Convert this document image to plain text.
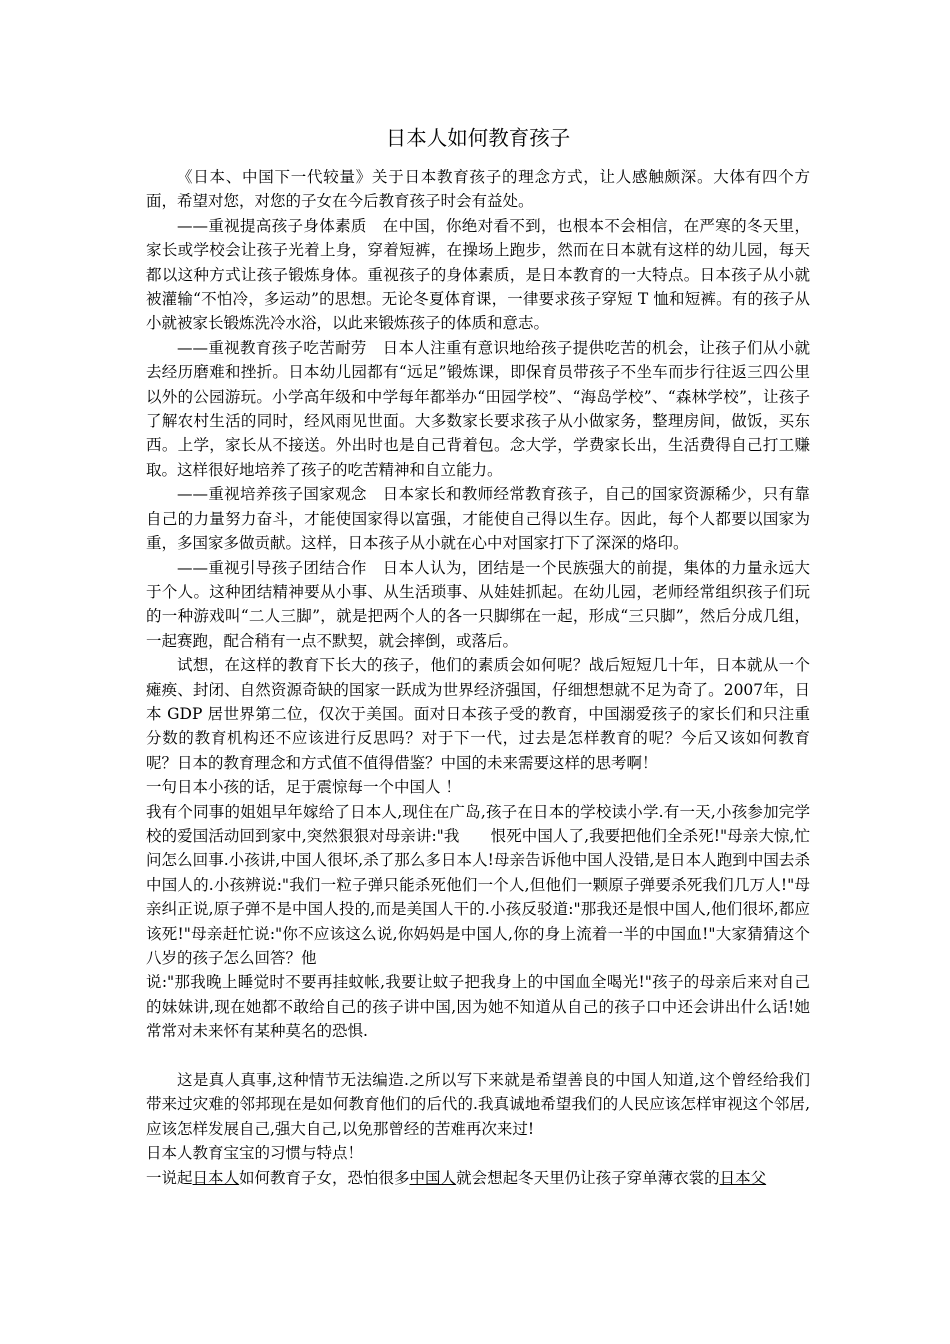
日本人如何教育孩子

《日本、中国下一代较量》关于日本教育孩子的理念方式，让人感触颇深。大体有四个方面，希望对您，对您的子女在今后教育孩子时会有益处。

——重视提高孩子身体素质　在中国，你绝对看不到，也根本不会相信，在严寒的冬天里，家长或学校会让孩子光着上身，穿着短裤，在操场上跑步，然而在日本就有这样的幼儿园，每天都以这种方式让孩子锻炼身体。重视孩子的身体素质，是日本教育的一大特点。日本孩子从小就被灌输“不怕冷，多运动”的思想。无论冬夏体育课，一律要求孩子穿短 T 恤和短裤。有的孩子从小就被家长锻炼洗冷水浴，以此来锻炼孩子的体质和意志。

——重视教育孩子吃苦耐劳　日本人注重有意识地给孩子提供吃苦的机会，让孩子们从小就去经历磨难和挫折。日本幼儿园都有“远足”锻炼课，即保育员带孩子不坐车而步行往返三四公里以外的公园游玩。小学高年级和中学每年都举办“田园学校”、“海岛学校”、“森林学校”，让孩子了解农村生活的同时，经风雨见世面。大多数家长要求孩子从小做家务，整理房间，做饭，买东西。上学，家长从不接送。外出时也是自己背着包。念大学，学费家长出，生活费得自己打工赚取。这样很好地培养了孩子的吃苦精神和自立能力。

——重视培养孩子国家观念　日本家长和教师经常教育孩子，自己的国家资源稀少，只有靠自己的力量努力奋斗，才能使国家得以富强，才能使自己得以生存。因此，每个人都要以国家为重，多国家多做贡献。这样，日本孩子从小就在心中对国家打下了深深的烙印。

——重视引导孩子团结合作　日本人认为，团结是一个民族强大的前提，集体的力量永远大于个人。这种团结精神要从小事、从生活琐事、从娃娃抓起。在幼儿园，老师经常组织孩子们玩的一种游戏叫“二人三脚”，就是把两个人的各一只脚绑在一起，形成“三只脚”，然后分成几组，一起赛跑，配合稍有一点不默契，就会摔倒，或落后。

试想，在这样的教育下长大的孩子，他们的素质会如何呢？战后短短几十年，日本就从一个瘫痪、封闭、自然资源奇缺的国家一跃成为世界经济强国，仔细想想就不足为奇了。2007年，日本 GDP 居世界第二位，仅次于美国。面对日本孩子受的教育，中国溺爱孩子的家长们和只注重分数的教育机构还不应该进行反思吗？对于下一代，过去是怎样教育的呢？今后又该如何教育呢？日本的教育理念和方式值不值得借鉴？中国的未来需要这样的思考啊！

一句日本小孩的话，足于震惊每一个中国人 ！

我有个同事的姐姐早年嫁给了日本人,现住在广岛,孩子在日本的学校读小学.有一天,小孩参加完学校的爱国活动回到家中,突然狠狠对母亲讲:"我　　恨死中国人了,我要把他们全杀死!"母亲大惊,忙问怎么回事.小孩讲,中国人很坏,杀了那么多日本人!母亲告诉他中国人没错,是日本人跑到中国去杀中国人的.小孩辨说:"我们一粒子弹只能杀死他们一个人,但他们一颗原子弹要杀死我们几万人!"母亲纠正说,原子弹不是中国人投的,而是美国人干的.小孩反驳道:"那我还是恨中国人,他们很坏,都应该死!"母亲赶忙说:"你不应该这么说,你妈妈是中国人,你的身上流着一半的中国血!"大家猜猜这个八岁的孩子怎么回答？他

说:"那我晚上睡觉时不要再挂蚊帐,我要让蚊子把我身上的中国血全喝光!"孩子的母亲后来对自己的妹妹讲,现在她都不敢给自己的孩子讲中国,因为她不知道从自己的孩子口中还会讲出什么话!她常常对未来怀有某种莫名的恐惧.

这是真人真事,这种情节无法编造.之所以写下来就是希望善良的中国人知道,这个曾经给我们带来过灾难的邻邦现在是如何教育他们的后代的.我真诚地希望我们的人民应该怎样审视这个邻居,应该怎样发展自己,强大自己,以免那曾经的苦难再次来过!

日本人教育宝宝的习惯与特点！

一说起日本人如何教育子女，恐怕很多中国人就会想起冬天里仍让孩子穿单薄衣裳的日本父
